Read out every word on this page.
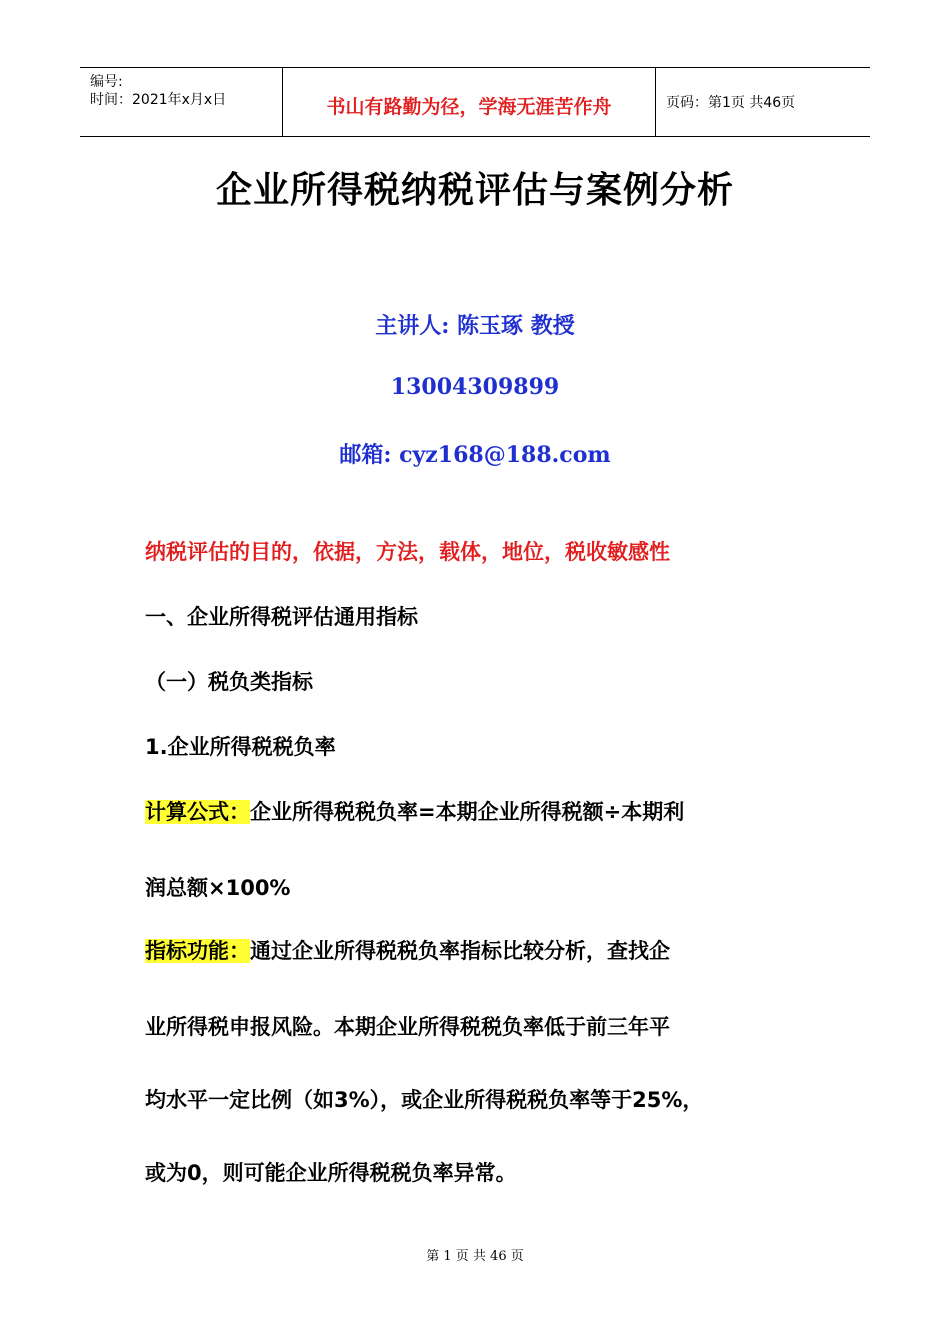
编号:
时间：2021年x月x日	书山有路勤为径，学海无涯苦作舟	页码：第1页 共46页
企业所得税纳税评估与案例分析
主讲人: 陈玉琢 教授
13004309899
邮箱: cyz168@188.com
纳税评估的目的，依据，方法，载体，地位，税收敏感性
一、企业所得税评估通用指标
（一）税负类指标
1.企业所得税税负率
计算公式：企业所得税税负率=本期企业所得税额÷本期利
润总额×100%
指标功能：通过企业所得税税负率指标比较分析，查找企
业所得税申报风险。本期企业所得税税负率低于前三年平
均水平一定比例（如3%），或企业所得税税负率等于25%，
或为0，则可能企业所得税税负率异常。
第 1 页 共 46 页
